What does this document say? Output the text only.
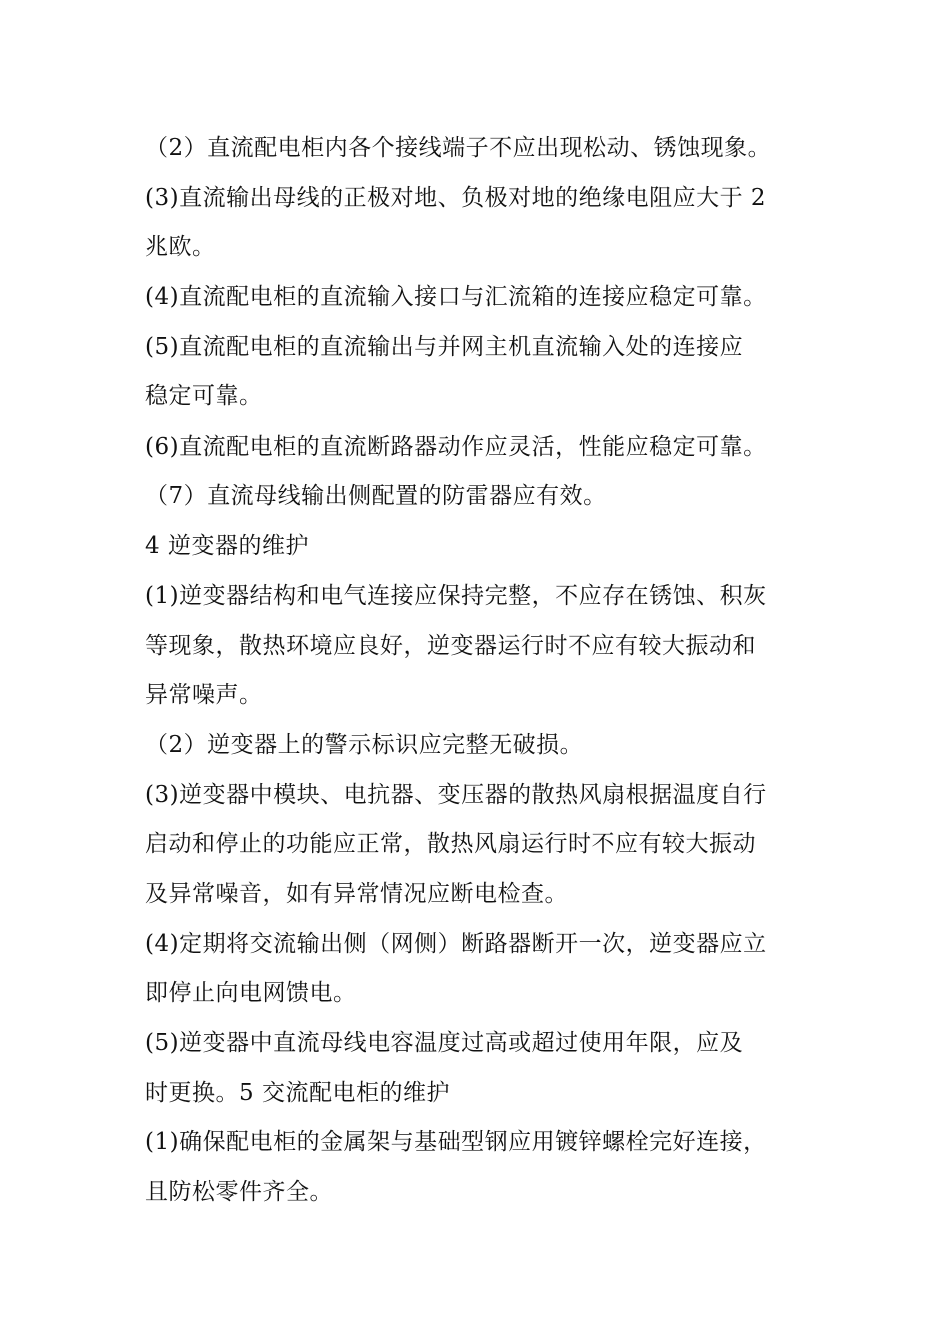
（2）直流配电柜内各个接线端子不应出现松动、锈蚀现象。
(3)直流输出母线的正极对地、负极对地的绝缘电阻应大于 2
兆欧。
(4)直流配电柜的直流输入接口与汇流箱的连接应稳定可靠。
(5)直流配电柜的直流输出与并网主机直流输入处的连接应
稳定可靠。
(6)直流配电柜的直流断路器动作应灵活，性能应稳定可靠。
（7）直流母线输出侧配置的防雷器应有效。
4 逆变器的维护
(1)逆变器结构和电气连接应保持完整，不应存在锈蚀、积灰
等现象，散热环境应良好，逆变器运行时不应有较大振动和
异常噪声。
（2）逆变器上的警示标识应完整无破损。
(3)逆变器中模块、电抗器、变压器的散热风扇根据温度自行
启动和停止的功能应正常，散热风扇运行时不应有较大振动
及异常噪音，如有异常情况应断电检查。
(4)定期将交流输出侧（网侧）断路器断开一次，逆变器应立
即停止向电网馈电。
(5)逆变器中直流母线电容温度过高或超过使用年限，应及
时更换。5 交流配电柜的维护
(1)确保配电柜的金属架与基础型钢应用镀锌螺栓完好连接，
且防松零件齐全。
